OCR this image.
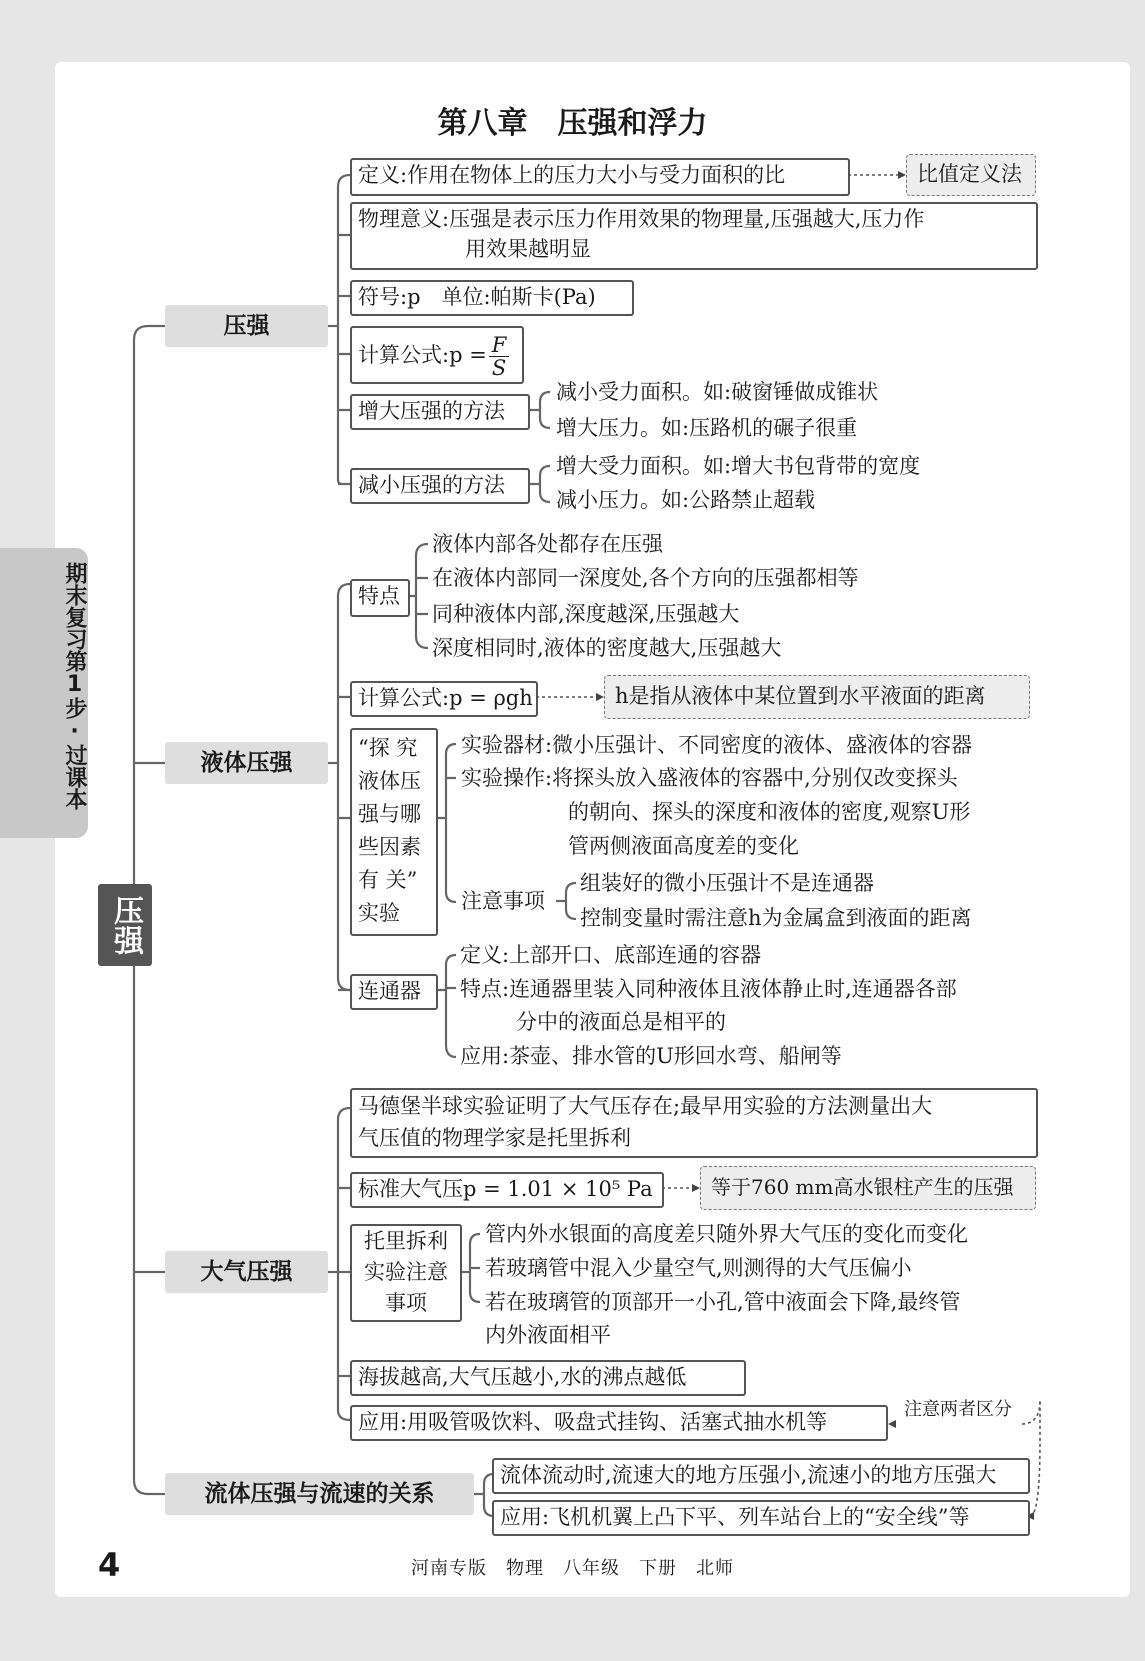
期末复习第1步·过课本
第八章　压强和浮力
压强
压强
液体压强
大气压强
流体压强与流速的关系
定义:作用在物体上的压力大小与受力面积的比	比值定义法
物理意义:压强是表示压力作用效果的物理量,压强越大,压力作
用效果越明显
符号:p　单位:帕斯卡(Pa)
计算公式:p = $\frac{F}{S}$
增大压强的方法
减小受力面积。如:破窗锤做成锥状
增大压力。如:压路机的碾子很重
减小压强的方法
增大受力面积。如:增大书包背带的宽度
减小压力。如:公路禁止超载
特点
液体内部各处都存在压强
在液体内部同一深度处,各个方向的压强都相等
同种液体内部,深度越深,压强越大
深度相同时,液体的密度越大,压强越大
计算公式:p = ρgh	h是指从液体中某位置到水平液面的距离
“探 究
液体压
强与哪
些因素
有 关”
实验
实验器材:微小压强计、不同密度的液体、盛液体的容器
实验操作:将探头放入盛液体的容器中,分别仅改变探头
的朝向、探头的深度和液体的密度,观察U形
管两侧液面高度差的变化
注意事项
组装好的微小压强计不是连通器
控制变量时需注意h为金属盒到液面的距离
连通器
定义:上部开口、底部连通的容器
特点:连通器里装入同种液体且液体静止时,连通器各部
分中的液面总是相平的
应用:茶壶、排水管的U形回水弯、船闸等
马德堡半球实验证明了大气压存在;最早用实验的方法测量出大
气压值的物理学家是托里拆利
标准大气压p = 1.01 × 10⁵ Pa	等于760 mm高水银柱产生的压强
托里拆利
实验注意
事项
管内外水银面的高度差只随外界大气压的变化而变化
若玻璃管中混入少量空气,则测得的大气压偏小
若在玻璃管的顶部开一小孔,管中液面会下降,最终管
内外液面相平
海拔越高,大气压越小,水的沸点越低
应用:用吸管吸饮料、吸盘式挂钩、活塞式抽水机等
注意两者区分
流体流动时,流速大的地方压强小,流速小的地方压强大
应用:飞机机翼上凸下平、列车站台上的“安全线”等
4	河南专版　物理　八年级　下册　北师
